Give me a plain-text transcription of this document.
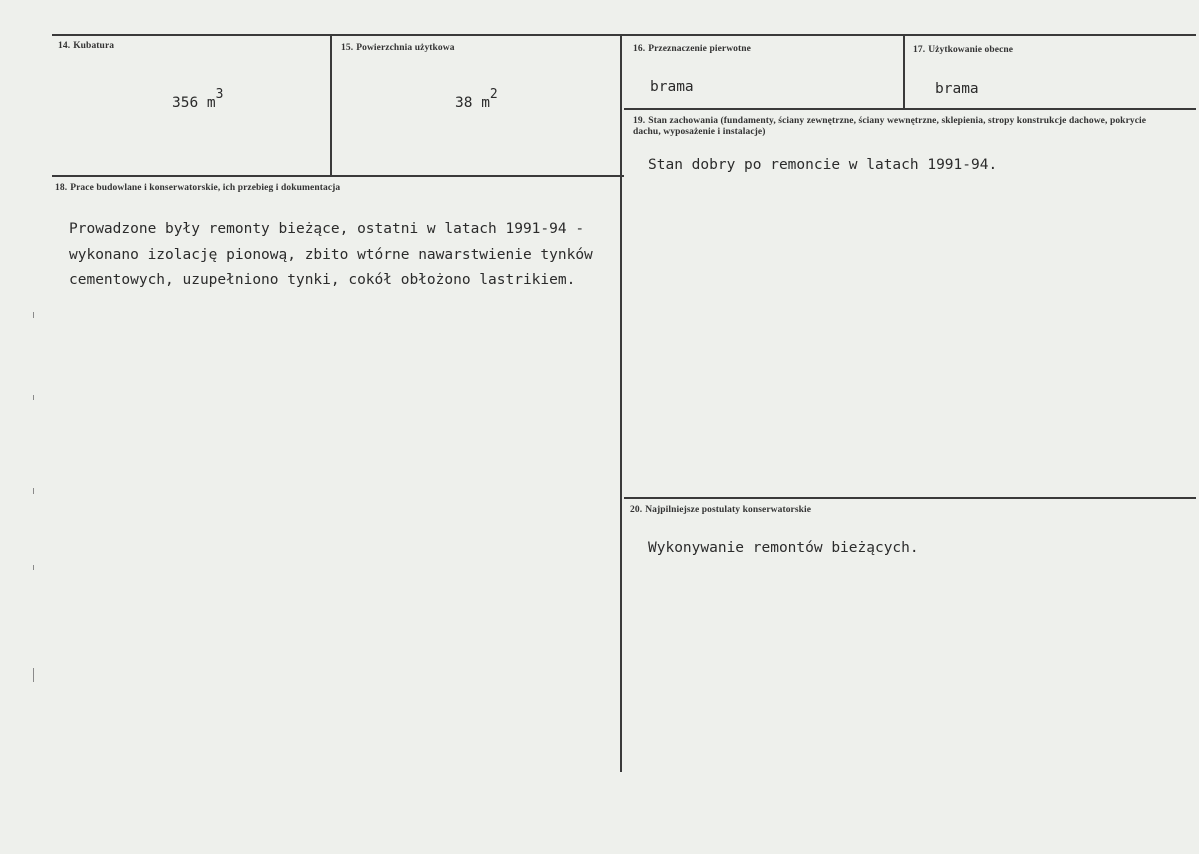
14. Kubatura
356 $m^3$
15. Powierzchnia użytkowa
38 $m^2$
16. Przeznaczenie pierwotne
brama
17. Użytkowanie obecne
brama
18. Prace budowlane i konserwatorskie, ich przebieg i dokumentacja
Prowadzone były remonty bieżące, ostatni w latach 1991-94 - wykonano izolację pionową, zbito wtórne nawarstwienie tynków cementowych, uzupełniono tynki, cokół obłożono lastrikiem.
19. Stan zachowania (fundamenty, ściany zewnętrzne, ściany wewnętrzne, sklepienia, stropy konstrukcje dachowe, pokrycie dachu, wyposażenie i instalacje)
Stan dobry po remoncie w latach 1991-94.
20. Najpilniejsze postulaty konserwatorskie
Wykonywanie remontów bieżących.
